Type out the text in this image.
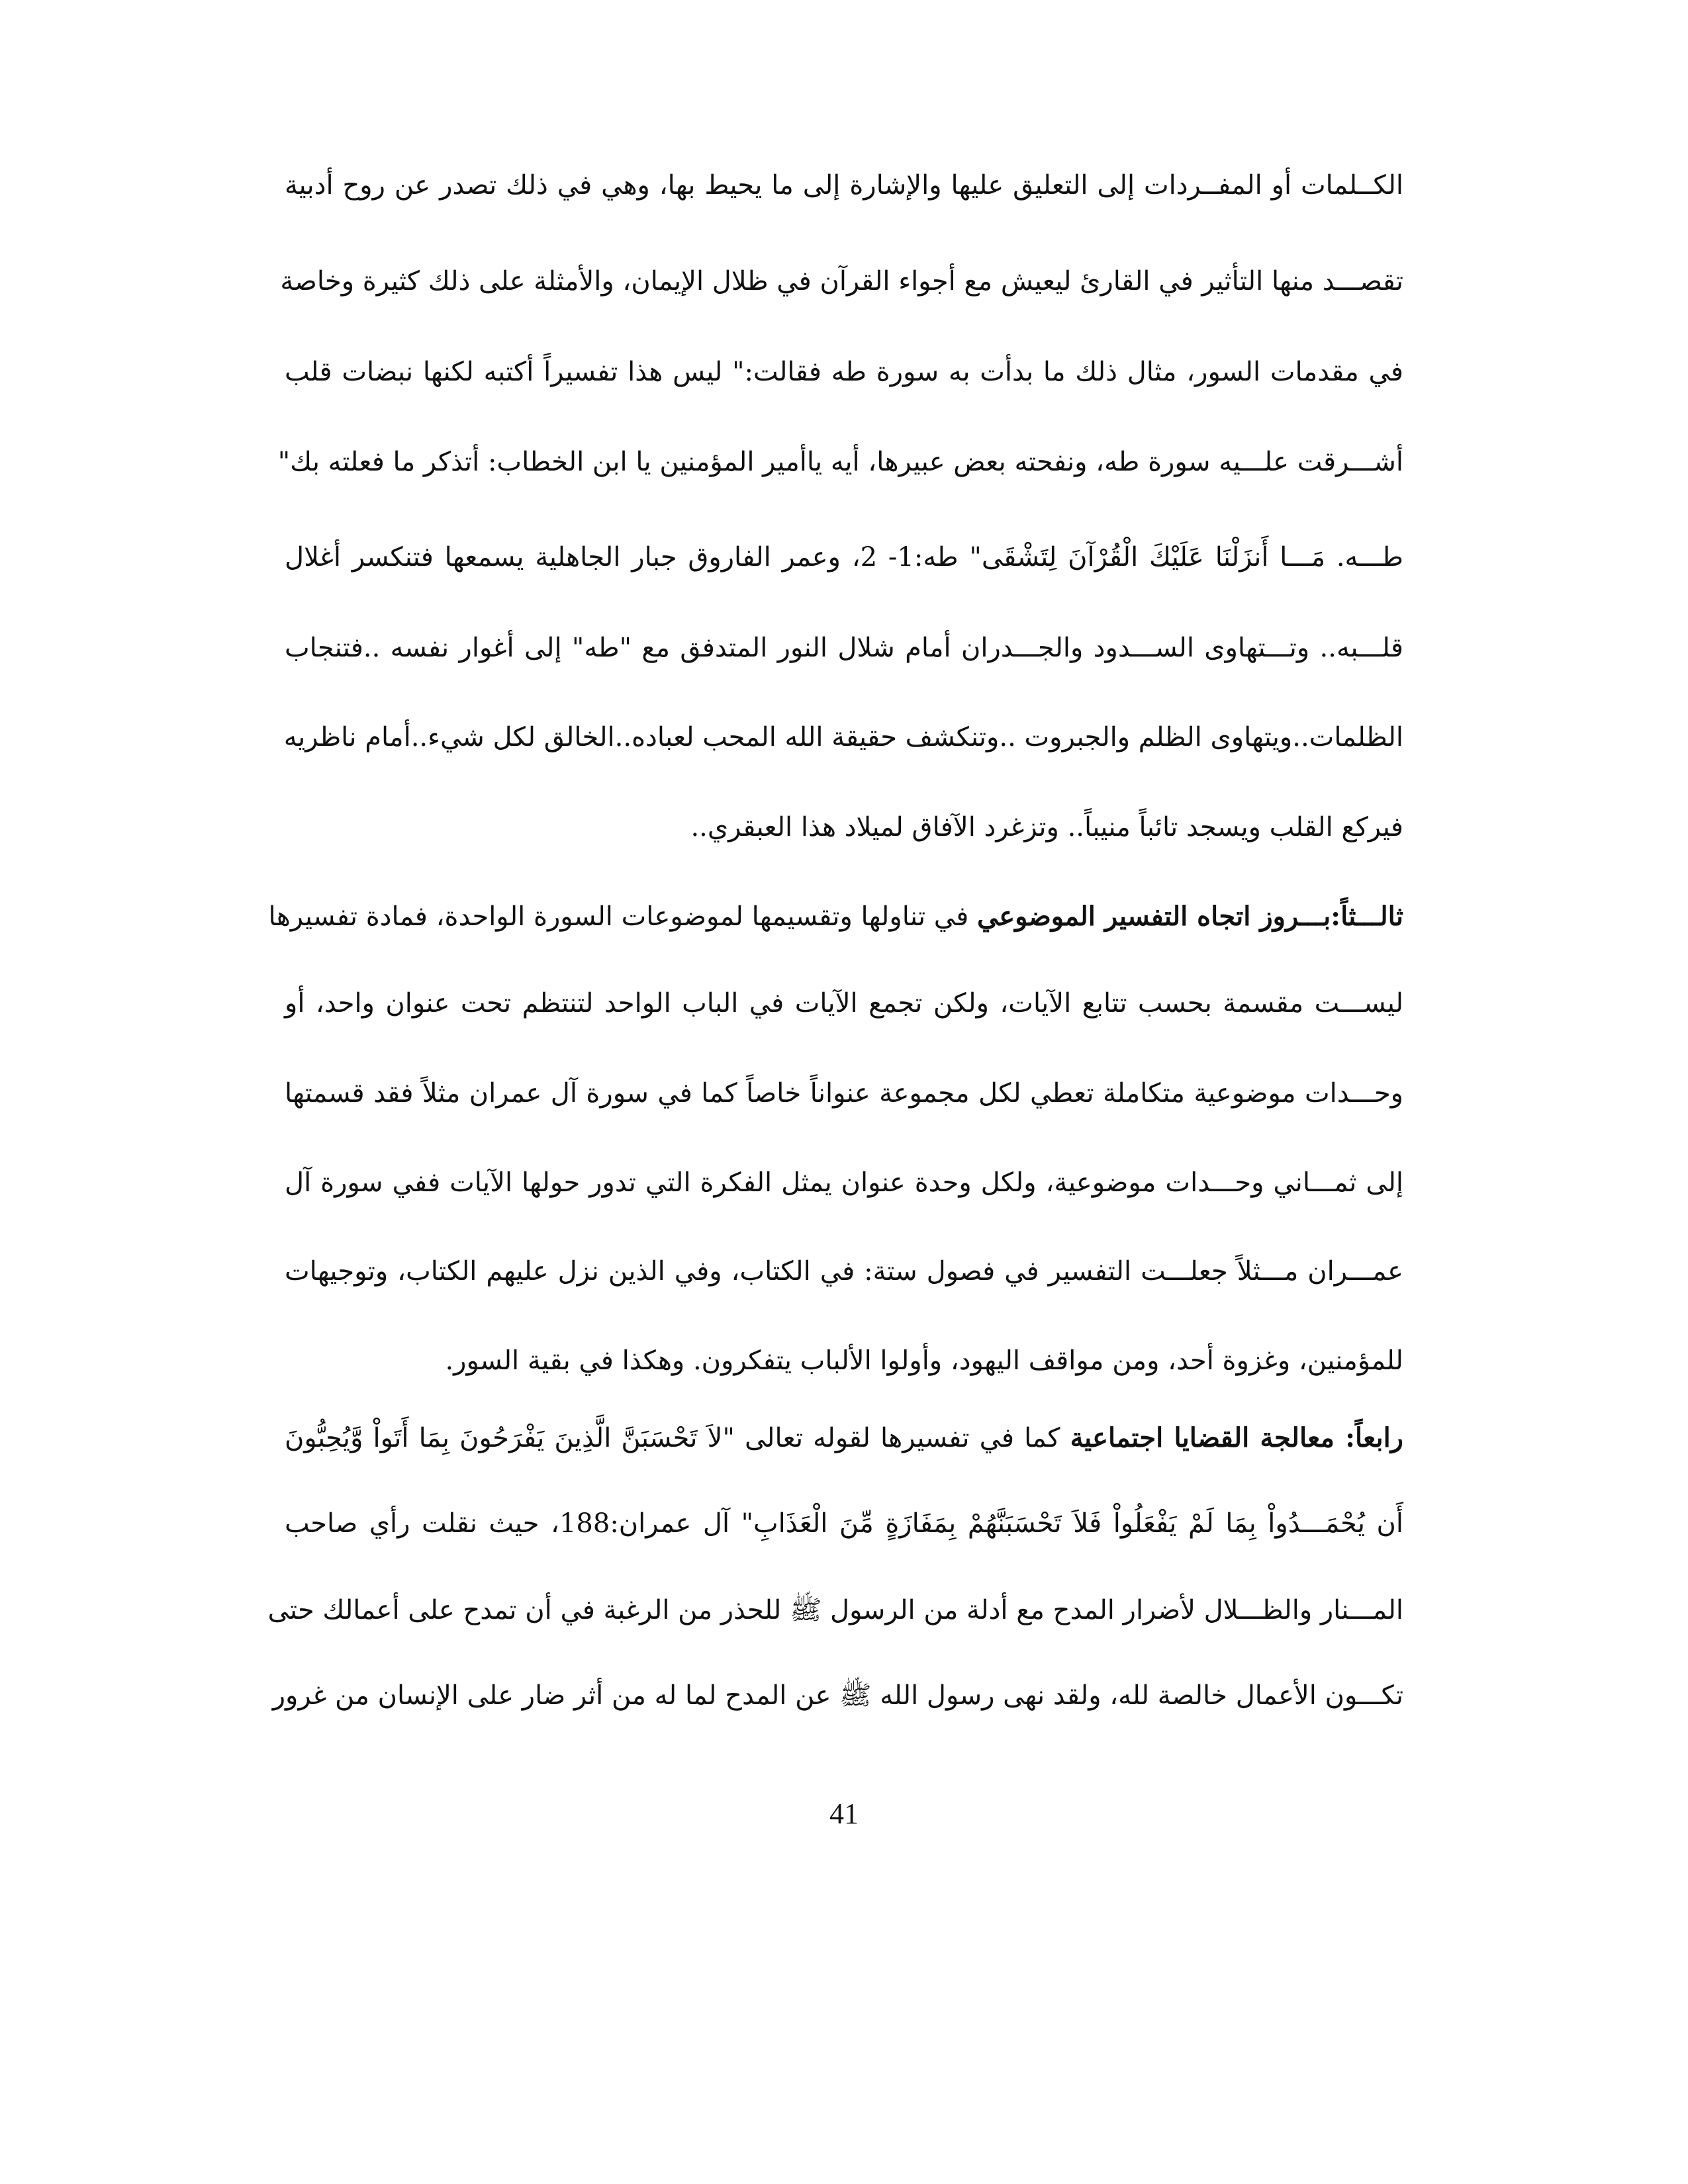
الكــلمات أو المفــردات إلى التعليق عليها والإشارة إلى ما يحيط بها، وهي في ذلك تصدر عن روح أدبية
تقصـــد منها التأثير في القارئ ليعيش مع أجواء القرآن في ظلال الإيمان، والأمثلة على ذلك كثيرة وخاصة
في مقدمات السور، مثال ذلك ما بدأت به سورة طه فقالت:" ليس هذا تفسيراً أكتبه لكنها نبضات قلب
أشـــرقت علـــيه سورة طه، ونفحته بعض عبيرها، أيه ياأمير المؤمنين يا ابن الخطاب: أتذكر ما فعلته بك"
طـــه. مَـــا أَنزَلْنَا عَلَيْكَ الْقُرْآنَ لِتَشْقَى" طه:1- 2، وعمر الفاروق جبار الجاهلية يسمعها فتنكسر أغلال
قلـــبه.. وتـــتهاوى الســـدود والجـــدران أمام شلال النور المتدفق مع "طه" إلى أغوار نفسه ..فتنجاب
الظلمات..ويتهاوى الظلم والجبروت ..وتنكشف حقيقة الله المحب لعباده..الخالق لكل شيء..أمام ناظريه
فيركع القلب ويسجد تائباً منيباً.. وتزغرد الآفاق لميلاد هذا العبقري..
ثالـــثاً:بـــروز اتجاه التفسير الموضوعي في تناولها وتقسيمها لموضوعات السورة الواحدة، فمادة تفسيرها
ليســـت مقسمة بحسب تتابع الآيات، ولكن تجمع الآيات في الباب الواحد لتنتظم تحت عنوان واحد، أو
وحـــدات موضوعية متكاملة تعطي لكل مجموعة عنواناً خاصاً كما في سورة آل عمران مثلاً فقد قسمتها
إلى ثمـــاني وحـــدات موضوعية، ولكل وحدة عنوان يمثل الفكرة التي تدور حولها الآيات ففي سورة آل
عمـــران مـــثلاً جعلـــت التفسير في فصول ستة: في الكتاب، وفي الذين نزل عليهم الكتاب، وتوجيهات
للمؤمنين، وغزوة أحد، ومن مواقف اليهود، وأولوا الألباب يتفكرون. وهكذا في بقية السور.
رابعاً: معالجة القضايا اجتماعية كما في تفسيرها لقوله تعالى "لاَ تَحْسَبَنَّ الَّذِينَ يَفْرَحُونَ بِمَا أَتَواْ وَّيُحِبُّونَ
أَن يُحْمَـــدُواْ بِمَا لَمْ يَفْعَلُواْ فَلاَ تَحْسَبَنَّهُمْ بِمَفَازَةٍ مِّنَ الْعَذَابِ" آل عمران:188، حيث نقلت رأي صاحب
المـــنار والظـــلال لأضرار المدح مع أدلة من الرسول ﷺ للحذر من الرغبة في أن تمدح على أعمالك حتى
تكـــون الأعمال خالصة لله، ولقد نهى رسول الله ﷺ عن المدح لما له من أثر ضار على الإنسان من غرور
41
